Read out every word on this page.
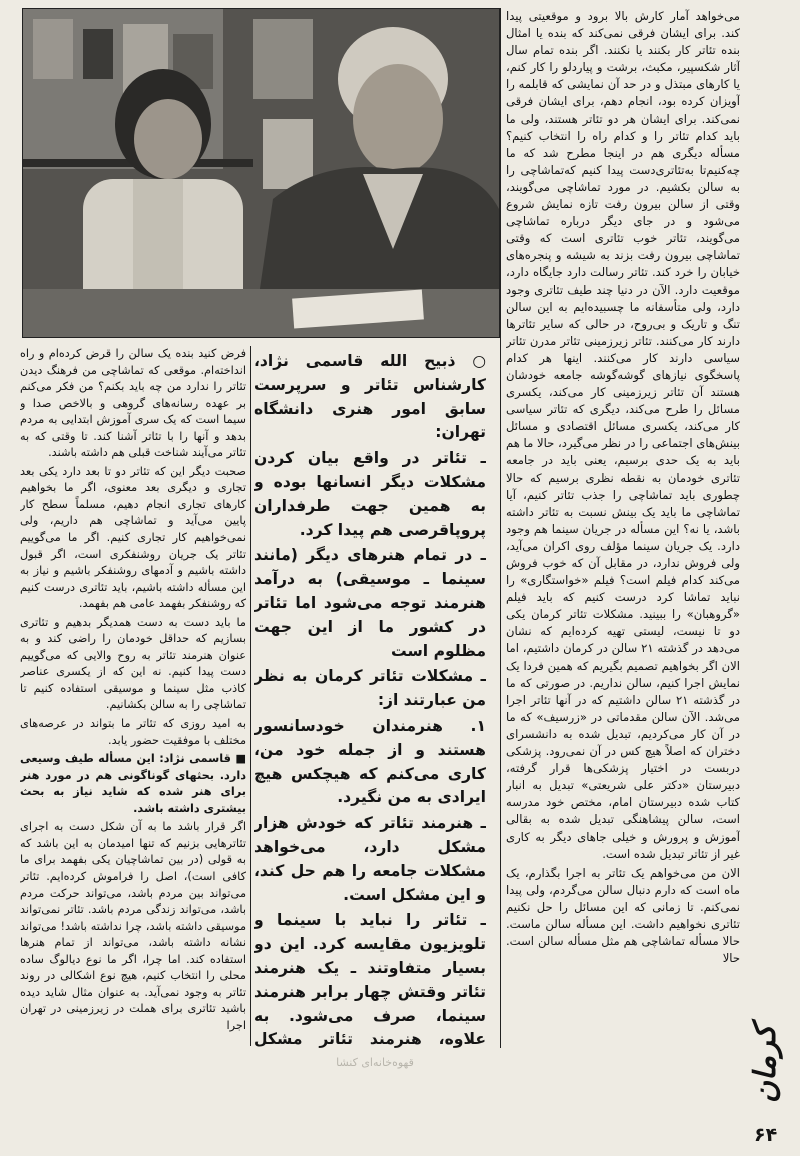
می‌خواهد آمار کارش بالا برود و موقعیتی پیدا کند. برای ایشان فرقی نمی‌کند که بنده یا امثال بنده تئاتر کار بکنند یا نکنند. اگر بنده تمام سال آثار شکسپیر، مکبث، برشت و پیاردلو را کار کنم، یا کارهای مبتذل و در حد آن نمایشی که قابلمه را آویزان کرده بود، انجام دهم، برای ایشان فرقی نمی‌کند. برای ایشان هر دو تئاتر هستند، ولی ما باید کدام تئاتر را و کدام راه را انتخاب کنیم؟ مسأله دیگری هم در اینجا مطرح شد که ما چه‌کنیم‌تا به‌تئاتری‌دست پیدا کنیم که‌تماشاچی را به سالن بکشیم. در مورد تماشاچی می‌گویند، وقتی از سالن بیرون رفت تازه نمایش شروع می‌شود و در جای دیگر درباره تماشاچی می‌گویند، تئاتر خوب تئاتری است که وقتی تماشاچی بیرون رفت بزند به شیشه و پنجره‌های خیابان را خرد کند. تئاتر رسالت دارد جایگاه دارد، موقعیت دارد. الآن در دنیا چند طیف تئاتری وجود دارد، ولی متأسفانه ما چسبیده‌ایم به این سالن تنگ و تاریک و بی‌روح، در حالی که سایر تئاترها دارند کار می‌کنند. تئاتر زیرزمینی تئاتر مدرن تئاتر سیاسی دارند کار می‌کنند. اینها هر کدام پاسخگوی نیازهای گوشه‌گوشه جامعه خودشان هستند آن تئاتر زیرزمینی کار می‌کند، یکسری مسائل را طرح می‌کند، دیگری که تئاتر سیاسی کار می‌کند، یکسری مسائل اقتصادی و مسائل بینش‌های اجتماعی را در نظر می‌گیرد، حالا ما هم باید به یک حدی برسیم، یعنی باید در جامعه تئاتری خودمان به نقطه نظری برسیم که حالا چطوری باید تماشاچی را جذب تئاتر کنیم، آیا تماشاچی ما باید یک بینش نسبت به تئاتر داشته باشد، یا نه؟ این مسأله در جریان سینما هم وجود دارد. یک جریان سینما مؤلف روی اکران می‌آید، ولی فروش ندارد، در مقابل آن که خوب فروش می‌کند کدام فیلم است؟ فیلم «خواستگاری» را نباید تماشا کرد درست کنیم که باید فیلم «گروهبان» را ببینید. مشکلات تئاتر کرمان یکی دو تا نیست، لیستی تهیه کرده‌ایم که نشان می‌دهد در گذشته ۲۱ سالن در کرمان داشتیم، اما الان اگر بخواهیم تصمیم بگیریم که همین فردا یک نمایش اجرا کنیم، سالن نداریم. در صورتی که ما در گذشته ۲۱ سالن داشتیم که در آنها تئاتر اجرا می‌شد. الآن سالن مقدماتی در «زرسیف» که ما در آن کار می‌کردیم، تبدیل شده به دانشسرای دختران که اصلاً هیچ کس در آن نمی‌رود. پزشکی دربست در اختیار پزشکی‌ها قرار گرفته، دبیرستان «دکتر علی شریعتی» تبدیل به انبار کتاب شده دبیرستان امام، مختص خود مدرسه است، سالن پیشاهنگی تبدیل شده به بقالی آموزش و پرورش و خیلی جاهای دیگر به کاری غیر از تئاتر تبدیل شده است.

الان من می‌خواهم یک تئاتر به اجرا بگذارم، یک ماه است که دارم دنبال سالن می‌گردم، ولی پیدا نمی‌کنم. تا زمانی که این مسائل را حل نکنیم تئاتری نخواهیم داشت. این مسأله سالن ماست. حالا مسأله تماشاچی هم مثل مسأله سالن است. حالا

○ ذبیح الله قاسمی نژاد، کارشناس تئاتر و سرپرست سابق امور هنری دانشگاه تهران:

ـ تئاتر در واقع بیان کردن مشکلات دیگر انسانها بوده و به همین جهت طرفداران پروپاقرصی هم پیدا کرد.

ـ در تمام هنرهای دیگر (مانند سینما ـ موسیقی) به درآمد هنرمند توجه می‌شود اما تئاتر در کشور ما از این جهت مظلوم است

ـ مشکلات تئاتر کرمان به نظر من عبارتند از:

۱. هنرمندان خودسانسور هستند و از جمله خود من، کاری می‌کنم که هیچکس هیچ ایرادی به من نگیرد.

ـ هنرمند تئاتر که خودش هزار مشکل دارد، می‌خواهد مشکلات جامعه را هم حل کند، و این مشکل است.

ـ تئاتر را نباید با سینما و تلویزیون مقایسه کرد. این دو بسیار متفاوتند ـ یک هنرمند تئاتر وقتش چهار برابر هنرمند سینما، صرف می‌شود. به علاوه، هنرمند تئاتر مشکل

فرض کنید بنده یک سالن را قرض کرده‌ام و راه انداخته‌ام. موقعی که تماشاچی من فرهنگ دیدن تئاتر را ندارد من چه باید بکنم؟ من فکر می‌کنم بر عهده رسانه‌های گروهی و بالاخص صدا و سیما است که یک سری آموزش ابتدایی به مردم بدهد و آنها را با تئاتر آشنا کند. تا وقتی که به تئاتر می‌آیند شناخت قبلی هم داشته باشند.

صحبت دیگر این که تئاتر دو تا بعد دارد یکی بعد تجاری و دیگری بعد معنوی، اگر ما بخواهیم کارهای تجاری انجام دهیم، مسلماً سطح کار پایین می‌آید و تماشاچی هم داریم، ولی نمی‌خواهیم کار تجاری کنیم. اگر ما می‌گوییم تئاتر یک جریان روشنفکری است، اگر قبول داشته باشیم و آدمهای روشنفکر باشیم و نیاز به این مسأله داشته باشیم، باید تئاتری درست کنیم که روشنفکر بفهمد عامی هم بفهمد.

ما باید دست به دست همدیگر بدهیم و تئاتری بسازیم که حداقل خودمان را راضی کند و به عنوان هنرمند تئاتر به روح والایی که می‌گوییم دست پیدا کنیم. نه این که از یکسری عناصر کاذب مثل سینما و موسیقی استفاده کنیم تا تماشاچی را به سالن بکشانیم.

به امید روزی که تئاتر ما بتواند در عرصه‌های مختلف با موفقیت حضور یابد.

■ قاسمی نژاد: این مسأله طیف وسیعی دارد. بحثهای گوناگونی هم در مورد هنر برای هنر شده که شاید نیاز به بحث بیشتری داشته باشد.

اگر قرار باشد ما به آن شکل دست به اجرای تئاترهایی بزنیم که تنها امیدمان به این باشد که به قولی (در بین تماشاچیان یکی بفهمد برای ما کافی است)، اصل را فراموش کرده‌ایم. تئاتر می‌تواند بین مردم باشد، می‌تواند حرکت مردم باشد، می‌تواند زندگی مردم باشد. تئاتر نمی‌تواند موسیقی داشته باشد، چرا نداشته باشد! می‌تواند نشانه داشته باشد، می‌تواند از تمام هنرها استفاده کند. اما چرا، اگر ما نوع دیالوگ ساده محلی را انتخاب کنیم، هیچ نوع اشکالی در روند تئاتر به وجود نمی‌آید. به عنوان مثال شاید دیده باشید تئاتری برای هملت در زیرزمینی در تهران اجرا

قهوه‌خانه‌ای کنشا	کرمان
۶۴
